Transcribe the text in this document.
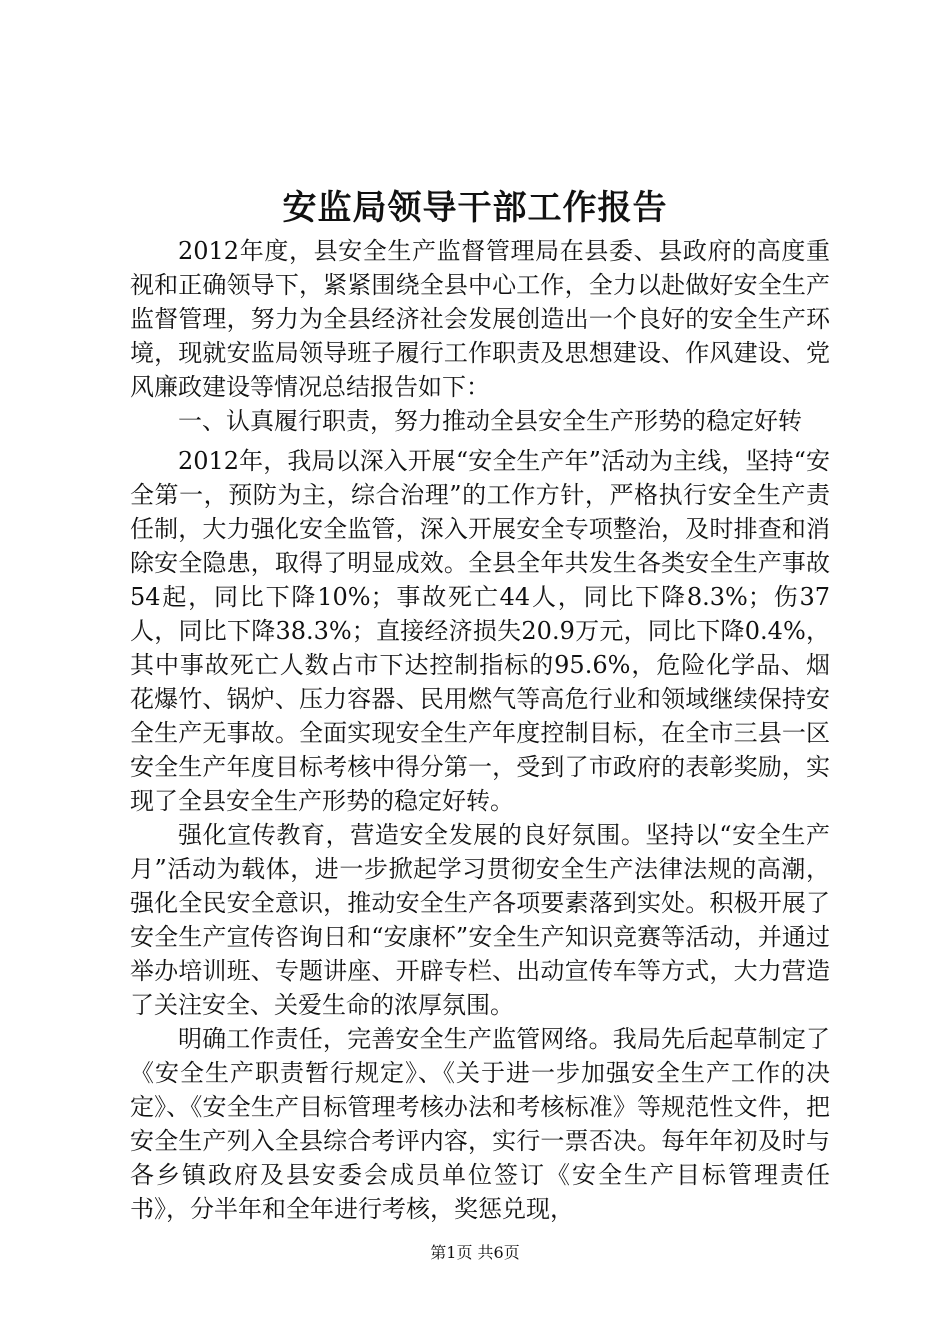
安监局领导干部工作报告

2012年度，县安全生产监督管理局在县委、县政府的高度重视和正确领导下，紧紧围绕全县中心工作，全力以赴做好安全生产监督管理，努力为全县经济社会发展创造出一个良好的安全生产环境，现就安监局领导班子履行工作职责及思想建设、作风建设、党风廉政建设等情况总结报告如下：

一、认真履行职责，努力推动全县安全生产形势的稳定好转

2012年，我局以深入开展“安全生产年”活动为主线，坚持“安全第一，预防为主，综合治理”的工作方针，严格执行安全生产责任制，大力强化安全监管，深入开展安全专项整治，及时排查和消除安全隐患，取得了明显成效。全县全年共发生各类安全生产事故54起，同比下降10%；事故死亡44人，同比下降8.3%；伤37人，同比下降38.3%；直接经济损失20.9万元，同比下降0.4%，其中事故死亡人数占市下达控制指标的95.6%，危险化学品、烟花爆竹、锅炉、压力容器、民用燃气等高危行业和领域继续保持安全生产无事故。全面实现安全生产年度控制目标，在全市三县一区安全生产年度目标考核中得分第一，受到了市政府的表彰奖励，实现了全县安全生产形势的稳定好转。

强化宣传教育，营造安全发展的良好氛围。坚持以“安全生产月”活动为载体，进一步掀起学习贯彻安全生产法律法规的高潮，强化全民安全意识，推动安全生产各项要素落到实处。积极开展了安全生产宣传咨询日和“安康杯”安全生产知识竞赛等活动，并通过举办培训班、专题讲座、开辟专栏、出动宣传车等方式，大力营造了关注安全、关爱生命的浓厚氛围。

明确工作责任，完善安全生产监管网络。我局先后起草制定了《安全生产职责暂行规定》、《关于进一步加强安全生产工作的决定》、《安全生产目标管理考核办法和考核标准》等规范性文件，把安全生产列入全县综合考评内容，实行一票否决。每年年初及时与各乡镇政府及县安委会成员单位签订《安全生产目标管理责任书》，分半年和全年进行考核，奖惩兑现，

第1页 共6页
